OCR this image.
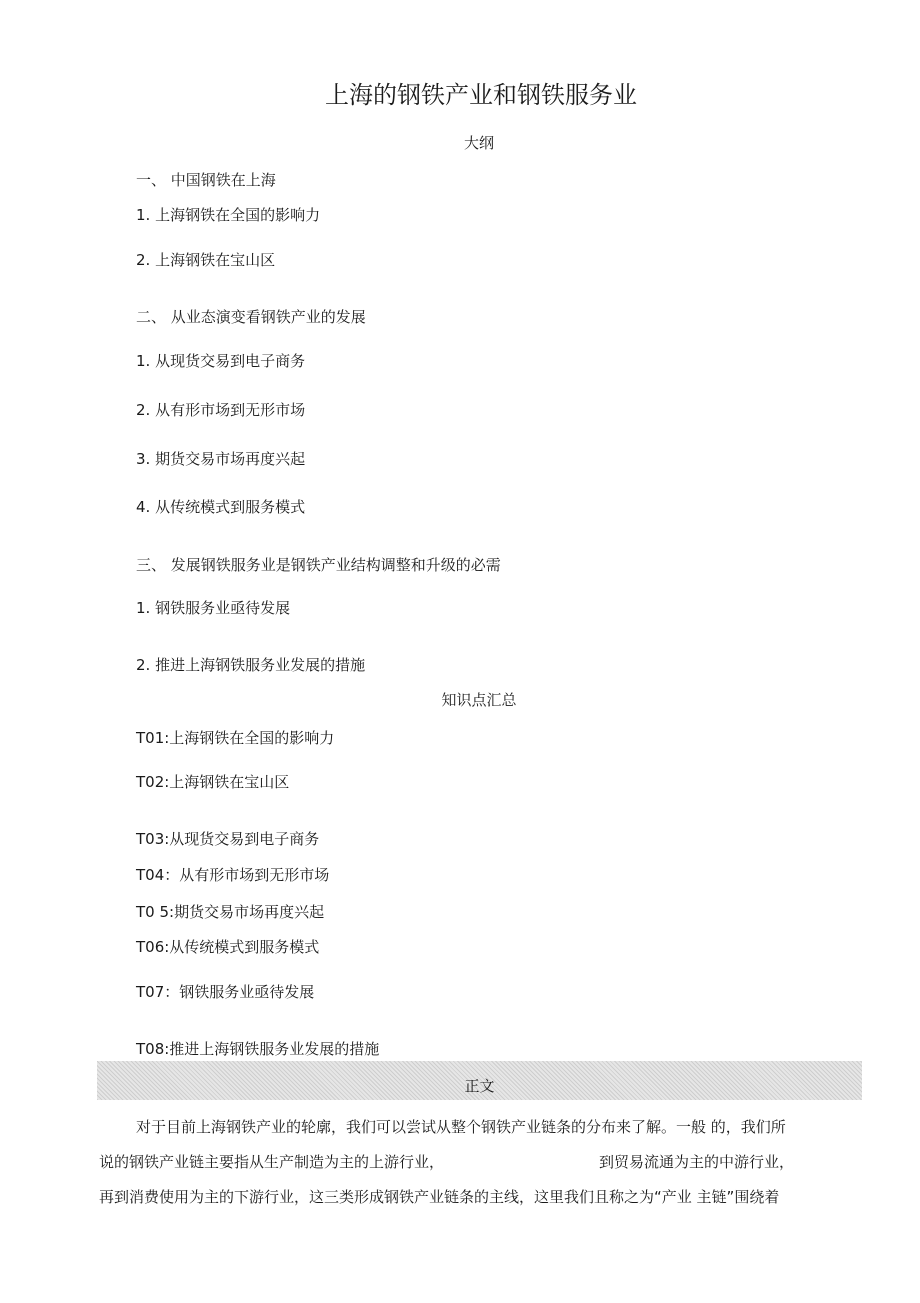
上海的钢铁产业和钢铁服务业
大纲
一、 中国钢铁在上海
1. 上海钢铁在全国的影响力
2. 上海钢铁在宝山区
二、 从业态演变看钢铁产业的发展
1. 从现货交易到电子商务
2. 从有形市场到无形市场
3. 期货交易市场再度兴起
4. 从传统模式到服务模式
三、 发展钢铁服务业是钢铁产业结构调整和升级的必需
1. 钢铁服务业亟待发展
2. 推进上海钢铁服务业发展的措施
知识点汇总
T01:上海钢铁在全国的影响力
T02:上海钢铁在宝山区
T03:从现货交易到电子商务
T04：从有形市场到无形市场
T0 5:期货交易市场再度兴起
T06:从传统模式到服务模式
T07：钢铁服务业亟待发展
T08:推进上海钢铁服务业发展的措施
正文
对于目前上海钢铁产业的轮廓，我们可以尝试从整个钢铁产业链条的分布来了解。一般 的，我们所
说的钢铁产业链主要指从生产制造为主的上游行业，	到贸易流通为主的中游行业，
再到消费使用为主的下游行业，这三类形成钢铁产业链条的主线，这里我们且称之为“产业 主链”围绕着
